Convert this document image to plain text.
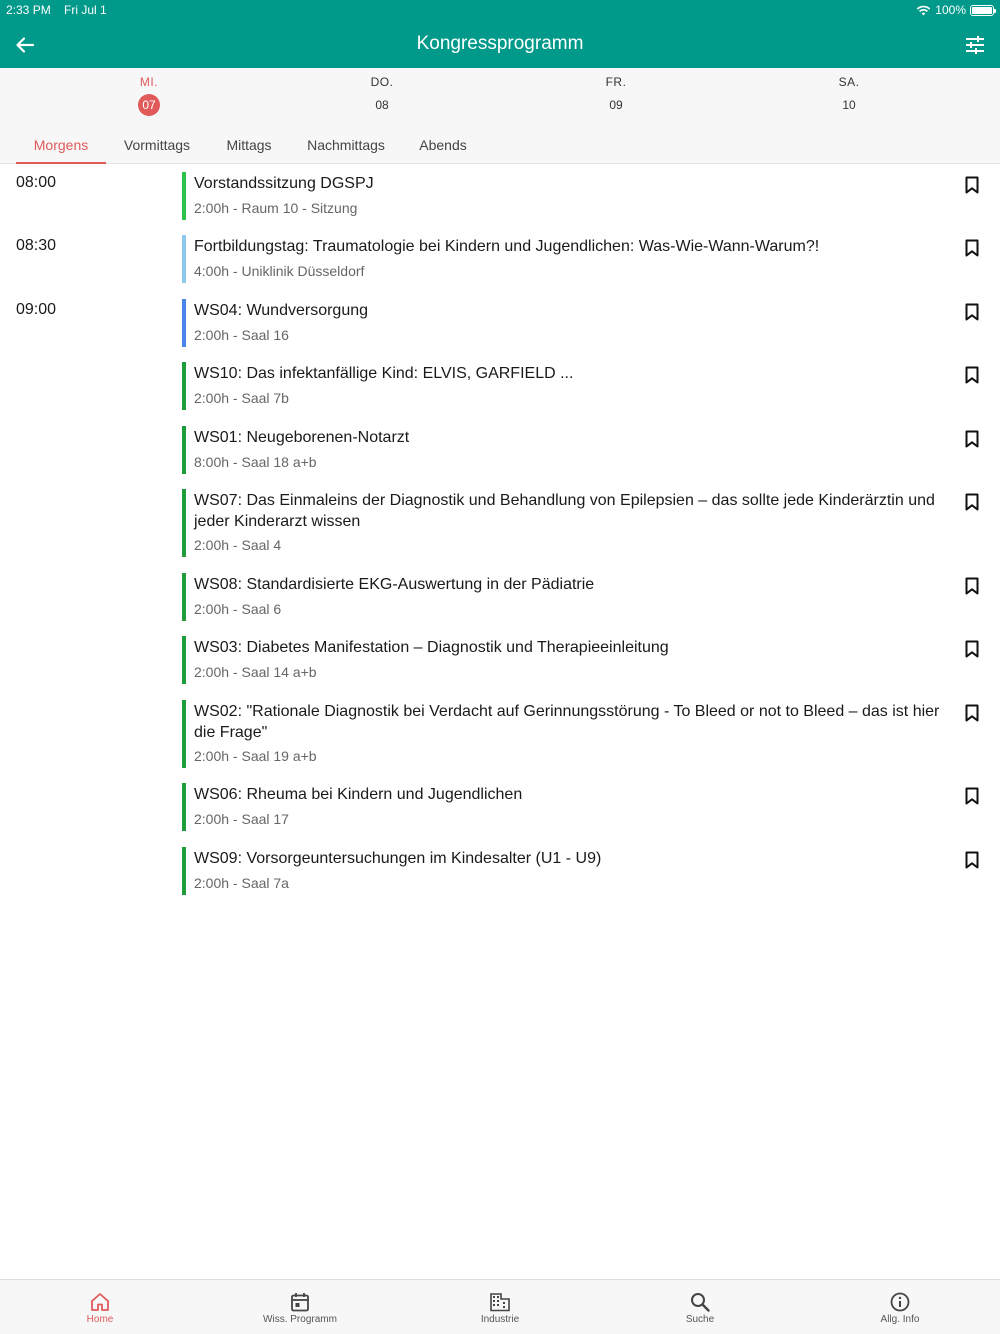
2:33 PM Fri Jul 1	100%
Kongressprogramm
MI.
07
DO.
08
FR.
09
SA.
10
Morgens	Vormittags	Mittags	Nachmittags	Abends
08:00	Vorstandssitzung DGSPJ
2:00h - Raum 10 - Sitzung
08:30	Fortbildungstag: Traumatologie bei Kindern und Jugendlichen: Was-Wie-Wann-Warum?!
4:00h - Uniklinik Düsseldorf
09:00	WS04: Wundversorgung
2:00h - Saal 16
WS10: Das infektanfällige Kind: ELVIS, GARFIELD ...
2:00h - Saal 7b
WS01: Neugeborenen-Notarzt
8:00h - Saal 18 a+b
WS07: Das Einmaleins der Diagnostik und Behandlung von Epilepsien – das sollte jede Kinderärztin und jeder Kinderarzt wissen
2:00h - Saal 4
WS08: Standardisierte EKG-Auswertung in der Pädiatrie
2:00h - Saal 6
WS03: Diabetes Manifestation – Diagnostik und Therapieeinleitung
2:00h - Saal 14 a+b
WS02: "Rationale Diagnostik bei Verdacht auf Gerinnungsstörung - To Bleed or not to Bleed – das ist hier die Frage"
2:00h - Saal 19 a+b
WS06: Rheuma bei Kindern und Jugendlichen
2:00h - Saal 17
WS09: Vorsorgeuntersuchungen im Kindesalter (U1 - U9)
2:00h - Saal 7a
Home	Wiss. Programm	Industrie	Suche	Allg. Info
